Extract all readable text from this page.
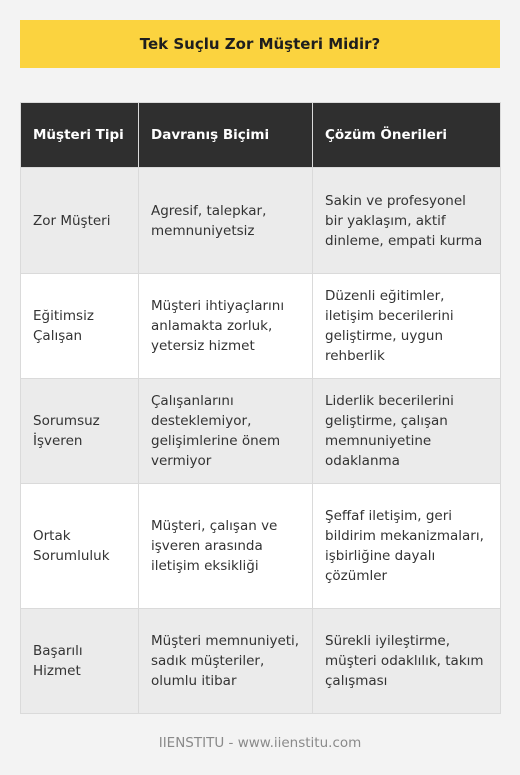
Tek Suçlu Zor Müşteri Midir?
Müşteri Tipi	Davranış Biçimi	Çözüm Önerileri
Zor Müşteri	Agresif, talepkar, memnuniyetsiz	Sakin ve profesyonel bir yaklaşım, aktif dinleme, empati kurma
Eğitimsiz Çalışan	Müşteri ihtiyaçlarını anlamakta zorluk, yetersiz hizmet	Düzenli eğitimler, iletişim becerilerini geliştirme, uygun rehberlik
Sorumsuz İşveren	Çalışanlarını desteklemiyor, gelişimlerine önem vermiyor	Liderlik becerilerini geliştirme, çalışan memnuniyetine odaklanma
Ortak Sorumluluk	Müşteri, çalışan ve işveren arasında iletişim eksikliği	Şeffaf iletişim, geri bildirim mekanizmaları, işbirliğine dayalı çözümler
Başarılı Hizmet	Müşteri memnuniyeti, sadık müşteriler, olumlu itibar	Sürekli iyileştirme, müşteri odaklılık, takım çalışması
IIENSTITU - www.iienstitu.com
